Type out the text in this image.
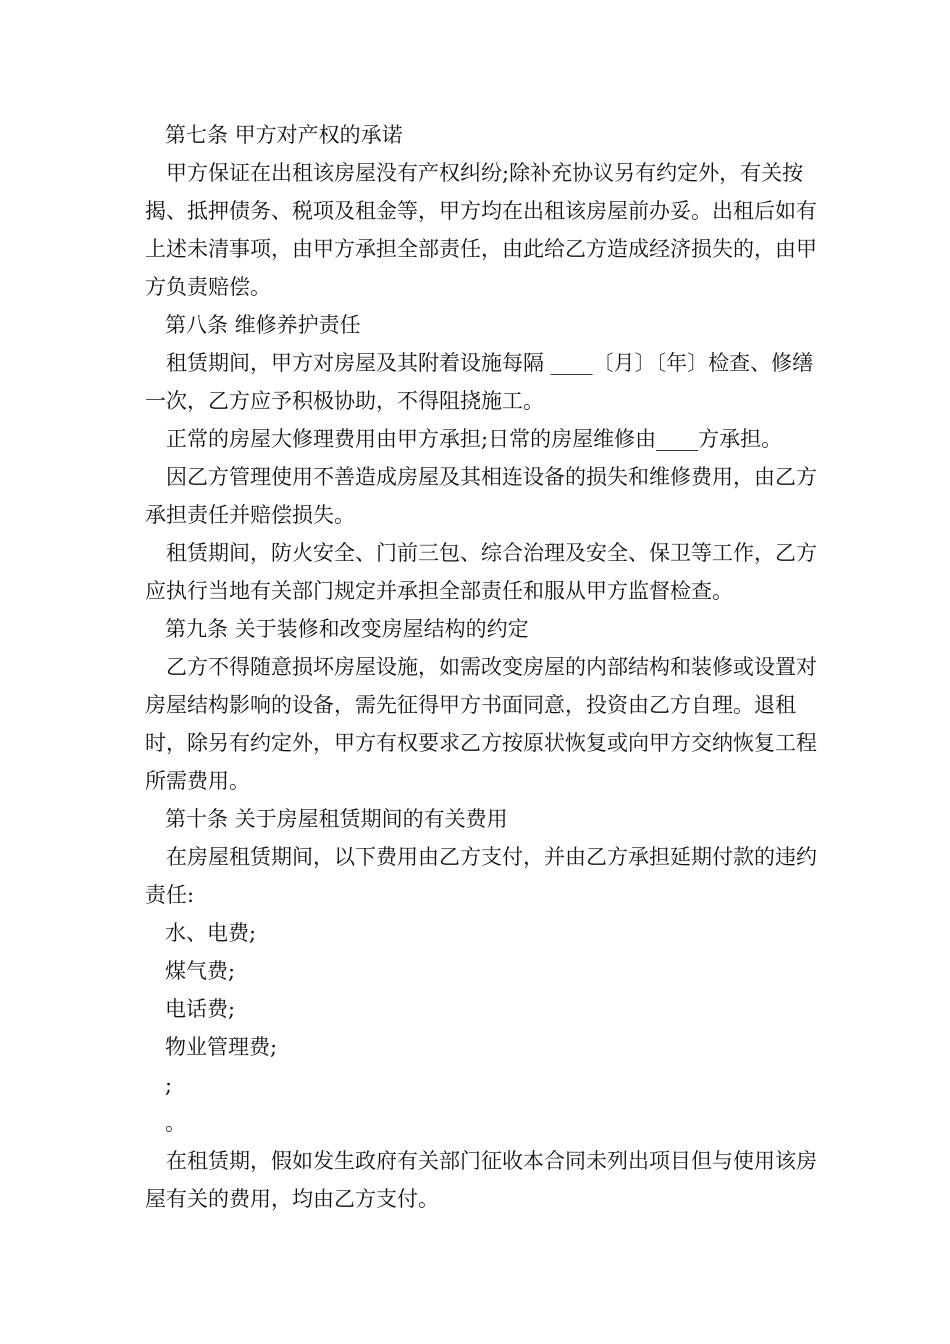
第七条 甲方对产权的承诺

甲方保证在出租该房屋没有产权纠纷;除补充协议另有约定外，有关按揭、抵押债务、税项及租金等，甲方均在出租该房屋前办妥。出租后如有上述未清事项，由甲方承担全部责任，由此给乙方造成经济损失的，由甲方负责赔偿。

第八条 维修养护责任

租赁期间，甲方对房屋及其附着设施每隔 ____〔月〕〔年〕检查、修缮一次，乙方应予积极协助，不得阻挠施工。

正常的房屋大修理费用由甲方承担;日常的房屋维修由____方承担。

因乙方管理使用不善造成房屋及其相连设备的损失和维修费用，由乙方承担责任并赔偿损失。

租赁期间，防火安全、门前三包、综合治理及安全、保卫等工作，乙方应执行当地有关部门规定并承担全部责任和服从甲方监督检查。

第九条 关于装修和改变房屋结构的约定

乙方不得随意损坏房屋设施，如需改变房屋的内部结构和装修或设置对房屋结构影响的设备，需先征得甲方书面同意，投资由乙方自理。退租时，除另有约定外，甲方有权要求乙方按原状恢复或向甲方交纳恢复工程所需费用。

第十条 关于房屋租赁期间的有关费用

在房屋租赁期间，以下费用由乙方支付，并由乙方承担延期付款的违约责任:

水、电费;

煤气费;

电话费;

物业管理费;

;

。

在租赁期，假如发生政府有关部门征收本合同未列出项目但与使用该房屋有关的费用，均由乙方支付。
